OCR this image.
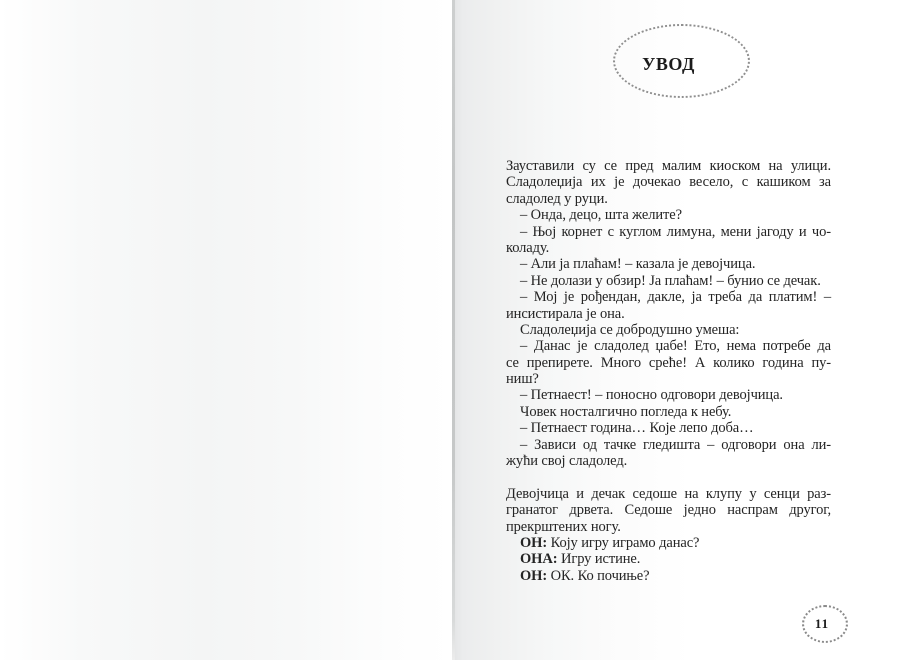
УВОД
Зауставили су се пред малим киоском на улици.
Сладолеџија их је дочекао весело, с кашиком за
сладолед у руци.
– Онда, децо, шта желите?
– Њој корнет с куглом лимуна, мени јагоду и чо-
коладу.
– Али ја плаћам! – казала је девојчица.
– Не долази у обзир! Ја плаћам! – бунио се дечак.
– Мој је рођендан, дакле, ја треба да платим! –
инсистирала је она.
Сладолеџија се добродушно умеша:
– Данас је сладолед џабе! Ето, нема потребе да
се препирете. Много среће! А колико година пу-
ниш?
– Петнаест! – поносно одговори девојчица.
Човек носталгично погледа к небу.
– Петнаест година… Које лепо доба…
– Зависи од тачке гледишта – одговори она ли-
жући свој сладолед.
Девојчица и дечак седоше на клупу у сенци раз-
гранатог дрвета. Седоше једно наспрам другог,
прекрштених ногу.
ОН: Коју игру играмо данас?
ОНА: Игру истине.
ОН: ОК. Ко почиње?
11
